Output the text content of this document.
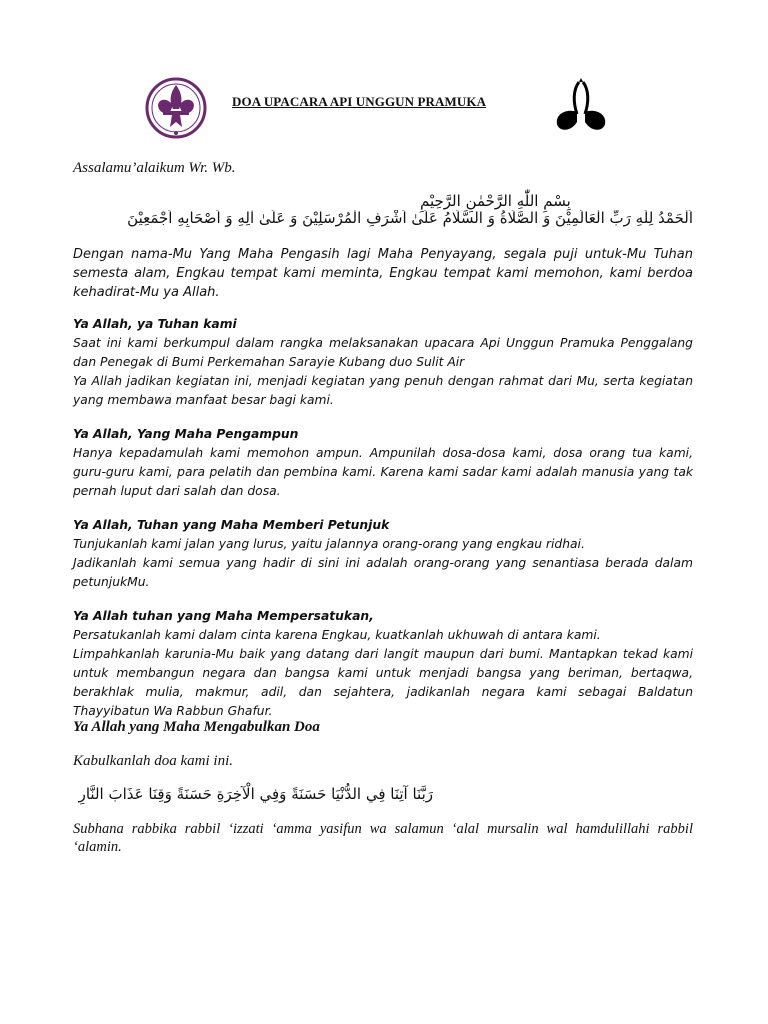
DOA UPACARA API UNGGUN PRAMUKA
Assalamu’alaikum Wr. Wb.
بِسْمِ اللّٰهِ الرَّحْمٰنِ الرَّحِيْمِ
اَلْحَمْدُ لِلّٰهِ رَبِّ الْعَالَمِيْنَ وَ الصَّلَاةُ وَ السَّلَامُ عَلَىٰ اَشْرَفِ الْمُرْسَلِيْنَ وَ عَلَىٰ اٰلِهِ وَ اَصْحَابِهِ اَجْمَعِيْنَ
Dengan nama-Mu Yang Maha Pengasih lagi Maha Penyayang, segala puji untuk-Mu Tuhan semesta alam, Engkau tempat kami meminta, Engkau tempat kami memohon, kami berdoa kehadirat-Mu ya Allah.
Ya Allah, ya Tuhan kami
Saat ini kami berkumpul dalam rangka melaksanakan upacara Api Unggun Pramuka Penggalang dan Penegak di Bumi Perkemahan Sarayie Kubang duo Sulit Air
Ya Allah jadikan kegiatan ini, menjadi kegiatan yang penuh dengan rahmat dari Mu, serta kegiatan yang membawa manfaat besar bagi kami.
Ya Allah, Yang Maha Pengampun
Hanya kepadamulah kami memohon ampun. Ampunilah dosa-dosa kami, dosa orang tua kami, guru-guru kami, para pelatih dan pembina kami. Karena kami sadar kami adalah manusia yang tak pernah luput dari salah dan dosa.
Ya Allah, Tuhan yang Maha Memberi Petunjuk
Tunjukanlah kami jalan yang lurus, yaitu jalannya orang-orang yang engkau ridhai.
Jadikanlah kami semua yang hadir di sini ini adalah orang-orang yang senantiasa berada dalam petunjukMu.
Ya Allah tuhan yang Maha Mempersatukan,
Persatukanlah kami dalam cinta karena Engkau, kuatkanlah ukhuwah di antara kami.
Limpahkanlah karunia-Mu baik yang datang dari langit maupun dari bumi. Mantapkan tekad kami untuk membangun negara dan bangsa kami untuk menjadi bangsa yang beriman, bertaqwa, berakhlak mulia, makmur, adil, dan sejahtera, jadikanlah negara kami sebagai Baldatun Thayyibatun Wa Rabbun Ghafur.
Ya Allah yang Maha Mengabulkan Doa
Kabulkanlah doa kami ini.
رَبَّنَا آتِنَا فِي الدُّنْيَا حَسَنَةً وَفِي الْآخِرَةِ حَسَنَةً وَقِنَا عَذَابَ النَّارِ
Subhana rabbika rabbil ‘izzati ‘amma yasifun wa salamun ‘alal mursalin wal hamdulillahi rabbil ‘alamin.
